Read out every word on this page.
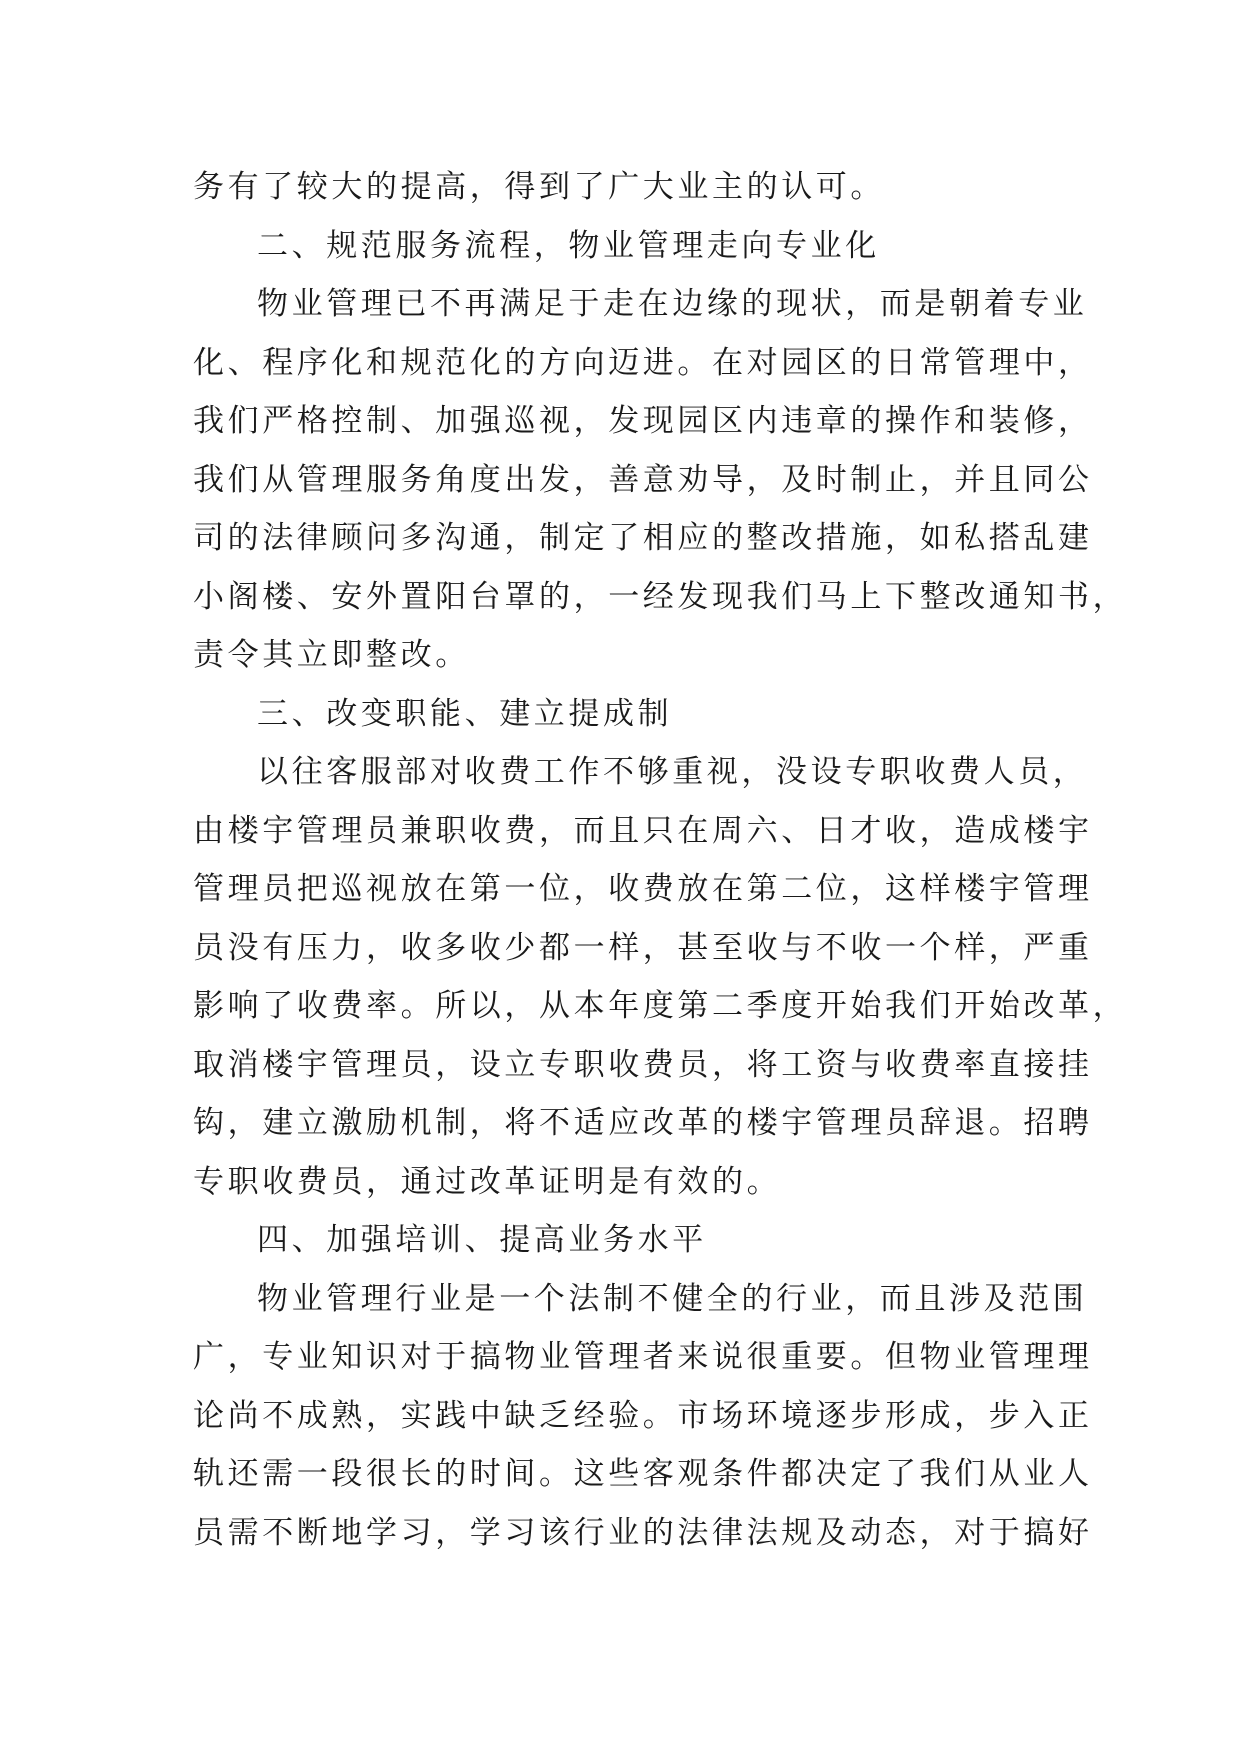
务有了较大的提高，得到了广大业主的认可。
二、规范服务流程，物业管理走向专业化
物业管理已不再满足于走在边缘的现状，而是朝着专业
化、程序化和规范化的方向迈进。在对园区的日常管理中，
我们严格控制、加强巡视，发现园区内违章的操作和装修，
我们从管理服务角度出发，善意劝导，及时制止，并且同公
司的法律顾问多沟通，制定了相应的整改措施，如私搭乱建
小阁楼、安外置阳台罩的，一经发现我们马上下整改通知书，
责令其立即整改。
三、改变职能、建立提成制
以往客服部对收费工作不够重视，没设专职收费人员，
由楼宇管理员兼职收费，而且只在周六、日才收，造成楼宇
管理员把巡视放在第一位，收费放在第二位，这样楼宇管理
员没有压力，收多收少都一样，甚至收与不收一个样，严重
影响了收费率。所以，从本年度第二季度开始我们开始改革，
取消楼宇管理员，设立专职收费员，将工资与收费率直接挂
钩，建立激励机制，将不适应改革的楼宇管理员辞退。招聘
专职收费员，通过改革证明是有效的。
四、加强培训、提高业务水平
物业管理行业是一个法制不健全的行业，而且涉及范围
广，专业知识对于搞物业管理者来说很重要。但物业管理理
论尚不成熟，实践中缺乏经验。市场环境逐步形成，步入正
轨还需一段很长的时间。这些客观条件都决定了我们从业人
员需不断地学习，学习该行业的法律法规及动态，对于搞好
